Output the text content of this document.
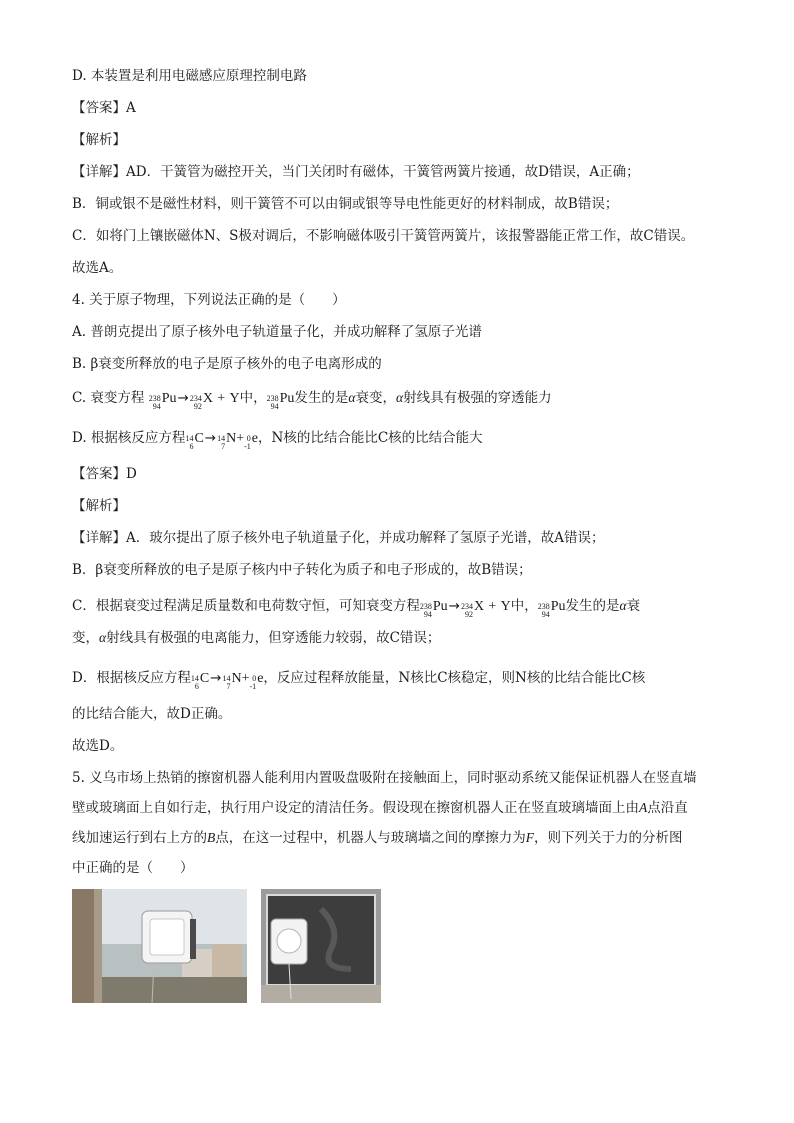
D. 本装置是利用电磁感应原理控制电路
【答案】A
【解析】
【详解】AD．干簧管为磁控开关，当门关闭时有磁体，干簧管两簧片接通，故D错误，A正确；
B．铜或银不是磁性材料，则干簧管不可以由铜或银等导电性能更好的材料制成，故B错误；
C．如将门上镶嵌磁体N、S极对调后，不影响磁体吸引干簧管两簧片，该报警器能正常工作，故C错误。
故选A。
4. 关于原子物理，下列说法正确的是（　　）
A. 普朗克提出了原子核外电子轨道量子化，并成功解释了氢原子光谱
B. β衰变所释放的电子是原子核外的电子电离形成的
C. 衰变方程 238
94
Pu→ 234
92
X + Y中， 238
94
Pu发生的是α衰变，α射线具有极强的穿透能力
D. 根据核反应方程 14
6
C→ 14
7
N+ 0
-1
e，N核的比结合能比C核的比结合能大
【答案】D
【解析】
【详解】A．玻尔提出了原子核外电子轨道量子化，并成功解释了氢原子光谱，故A错误；
B．β衰变所释放的电子是原子核内中子转化为质子和电子形成的，故B错误；
C．根据衰变过程满足质量数和电荷数守恒，可知衰变方程 238
94
Pu→ 234
92
X + Y中， 238
94
Pu发生的是α衰
变，α射线具有极强的电离能力，但穿透能力较弱，故C错误；
D．根据核反应方程 14
6
C→ 14
7
N+ 0
-1
e，反应过程释放能量，N核比C核稳定，则N核的比结合能比C核
的比结合能大，故D正确。
故选D。
5. 义乌市场上热销的擦窗机器人能利用内置吸盘吸附在接触面上，同时驱动系统又能保证机器人在竖直墙
壁或玻璃面上自如行走，执行用户设定的清洁任务。假设现在擦窗机器人正在竖直玻璃墙面上由A点沿直
线加速运行到右上方的B点，在这一过程中，机器人与玻璃墙之间的摩擦力为F，则下列关于力的分析图
中正确的是（　　）
